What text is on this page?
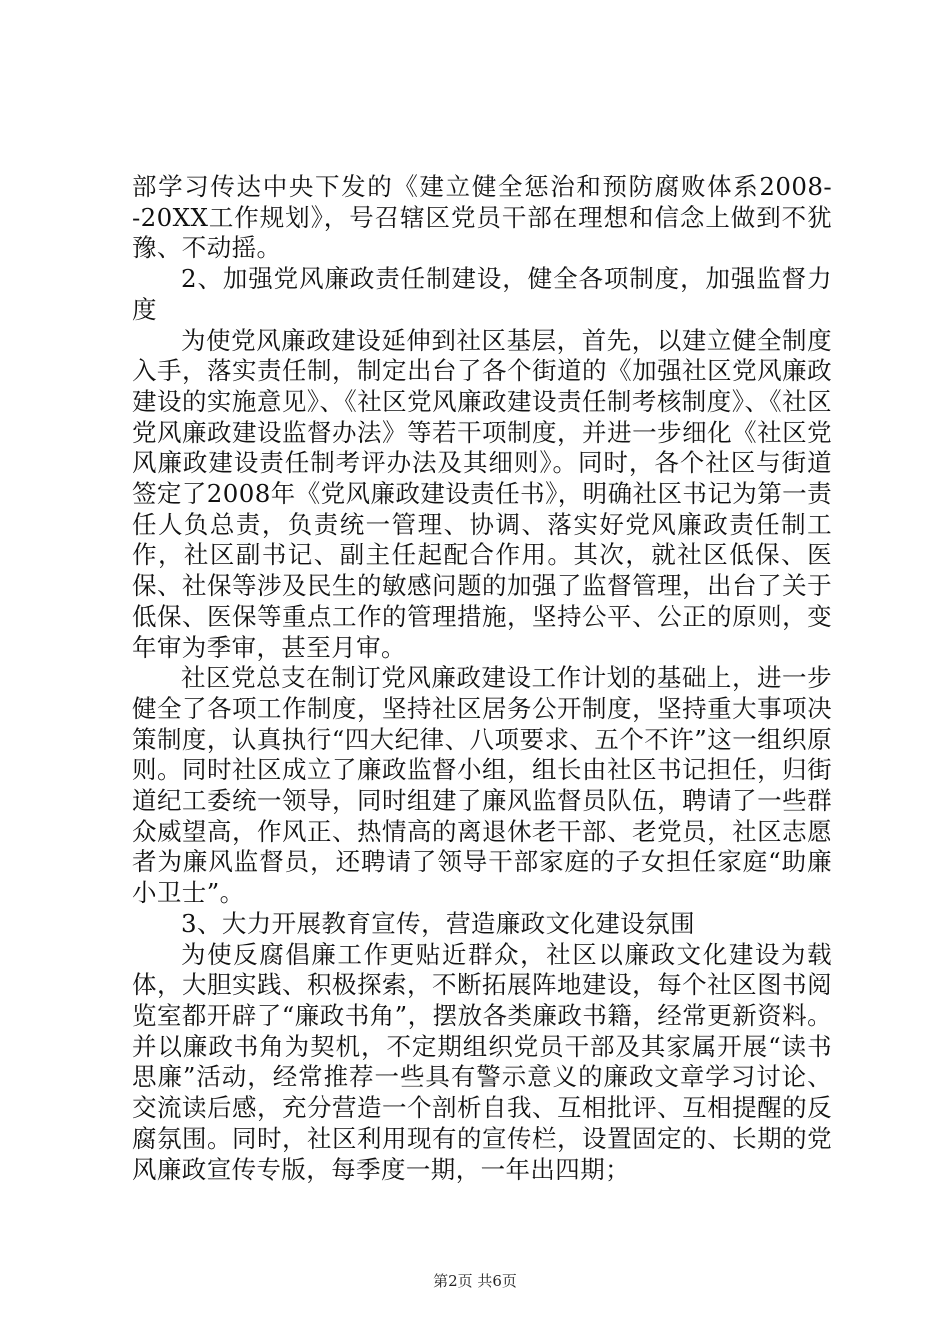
部学习传达中央下发的《建立健全惩治和预防腐败体系2008--20XX工作规划》，号召辖区党员干部在理想和信念上做到不犹豫、不动摇。

2、加强党风廉政责任制建设，健全各项制度，加强监督力度

为使党风廉政建设延伸到社区基层，首先，以建立健全制度入手，落实责任制，制定出台了各个街道的《加强社区党风廉政建设的实施意见》、《社区党风廉政建设责任制考核制度》、《社区党风廉政建设监督办法》等若干项制度，并进一步细化《社区党风廉政建设责任制考评办法及其细则》。同时，各个社区与街道签定了2008年《党风廉政建设责任书》，明确社区书记为第一责任人负总责，负责统一管理、协调、落实好党风廉政责任制工作，社区副书记、副主任起配合作用。其次，就社区低保、医保、社保等涉及民生的敏感问题的加强了监督管理，出台了关于低保、医保等重点工作的管理措施，坚持公平、公正的原则，变年审为季审，甚至月审。

社区党总支在制订党风廉政建设工作计划的基础上，进一步健全了各项工作制度，坚持社区居务公开制度，坚持重大事项决策制度，认真执行“四大纪律、八项要求、五个不许”这一组织原则。同时社区成立了廉政监督小组，组长由社区书记担任，归街道纪工委统一领导，同时组建了廉风监督员队伍，聘请了一些群众威望高，作风正、热情高的离退休老干部、老党员，社区志愿者为廉风监督员，还聘请了领导干部家庭的子女担任家庭“助廉小卫士”。

3、大力开展教育宣传，营造廉政文化建设氛围

为使反腐倡廉工作更贴近群众，社区以廉政文化建设为载体，大胆实践、积极探索，不断拓展阵地建设，每个社区图书阅览室都开辟了“廉政书角”，摆放各类廉政书籍，经常更新资料。并以廉政书角为契机，不定期组织党员干部及其家属开展“读书思廉”活动，经常推荐一些具有警示意义的廉政文章学习讨论、交流读后感，充分营造一个剖析自我、互相批评、互相提醒的反腐氛围。同时，社区利用现有的宣传栏，设置固定的、长期的党风廉政宣传专版，每季度一期，一年出四期；

第2页 共6页
